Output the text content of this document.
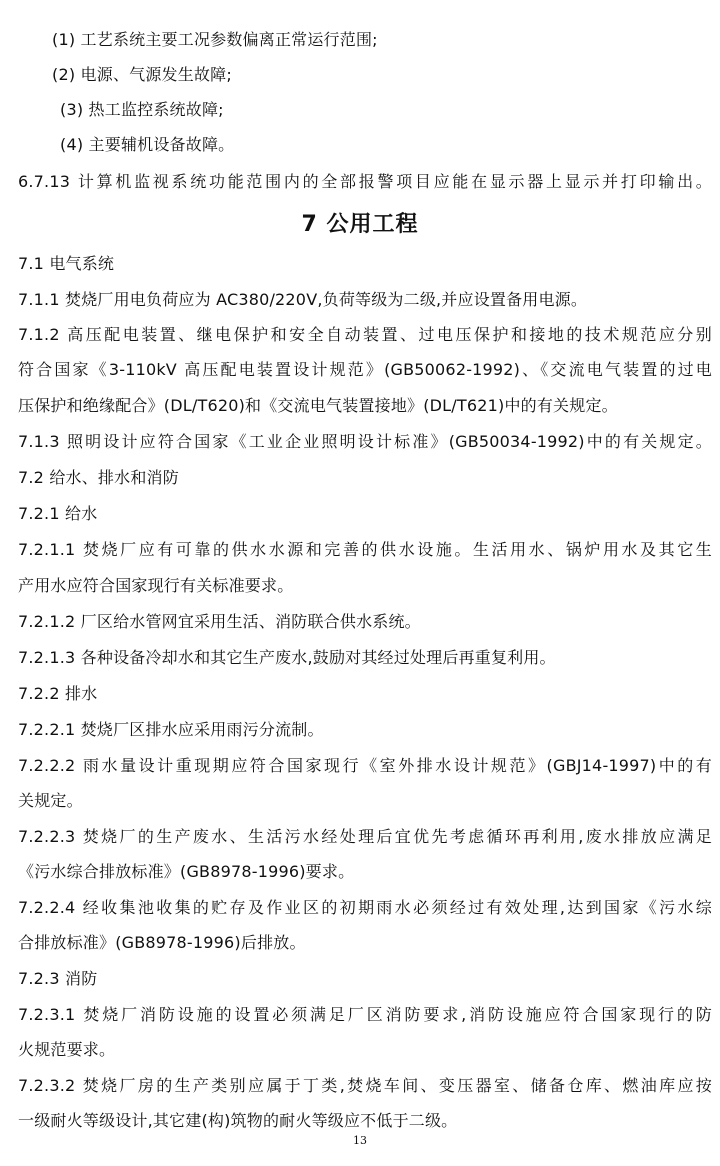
(1) 工艺系统主要工况参数偏离正常运行范围;
(2) 电源、气源发生故障;
(3) 热工监控系统故障;
(4) 主要辅机设备故障。
6.7.13 计算机监视系统功能范围内的全部报警项目应能在显示器上显示并打印输出。
7 公用工程
7.1 电气系统
7.1.1 焚烧厂用电负荷应为 AC380/220V,负荷等级为二级,并应设置备用电源。
7.1.2 高压配电装置、继电保护和安全自动装置、过电压保护和接地的技术规范应分别
符合国家《3-110kV 高压配电装置设计规范》(GB50062-1992)、《交流电气装置的过电
压保护和绝缘配合》(DL/T620)和《交流电气装置接地》(DL/T621)中的有关规定。
7.1.3 照明设计应符合国家《工业企业照明设计标准》(GB50034-1992)中的有关规定。
7.2 给水、排水和消防
7.2.1 给水
7.2.1.1 焚烧厂应有可靠的供水水源和完善的供水设施。生活用水、锅炉用水及其它生
产用水应符合国家现行有关标准要求。
7.2.1.2 厂区给水管网宜采用生活、消防联合供水系统。
7.2.1.3 各种设备冷却水和其它生产废水,鼓励对其经过处理后再重复利用。
7.2.2 排水
7.2.2.1 焚烧厂区排水应采用雨污分流制。
7.2.2.2 雨水量设计重现期应符合国家现行《室外排水设计规范》(GBJ14-1997)中的有
关规定。
7.2.2.3 焚烧厂的生产废水、生活污水经处理后宜优先考虑循环再利用,废水排放应满足
《污水综合排放标准》(GB8978-1996)要求。
7.2.2.4 经收集池收集的贮存及作业区的初期雨水必须经过有效处理,达到国家《污水综
合排放标准》(GB8978-1996)后排放。
7.2.3 消防
7.2.3.1 焚烧厂消防设施的设置必须满足厂区消防要求,消防设施应符合国家现行的防
火规范要求。
7.2.3.2 焚烧厂房的生产类别应属于丁类,焚烧车间、变压器室、储备仓库、燃油库应按
一级耐火等级设计,其它建(构)筑物的耐火等级应不低于二级。
13
